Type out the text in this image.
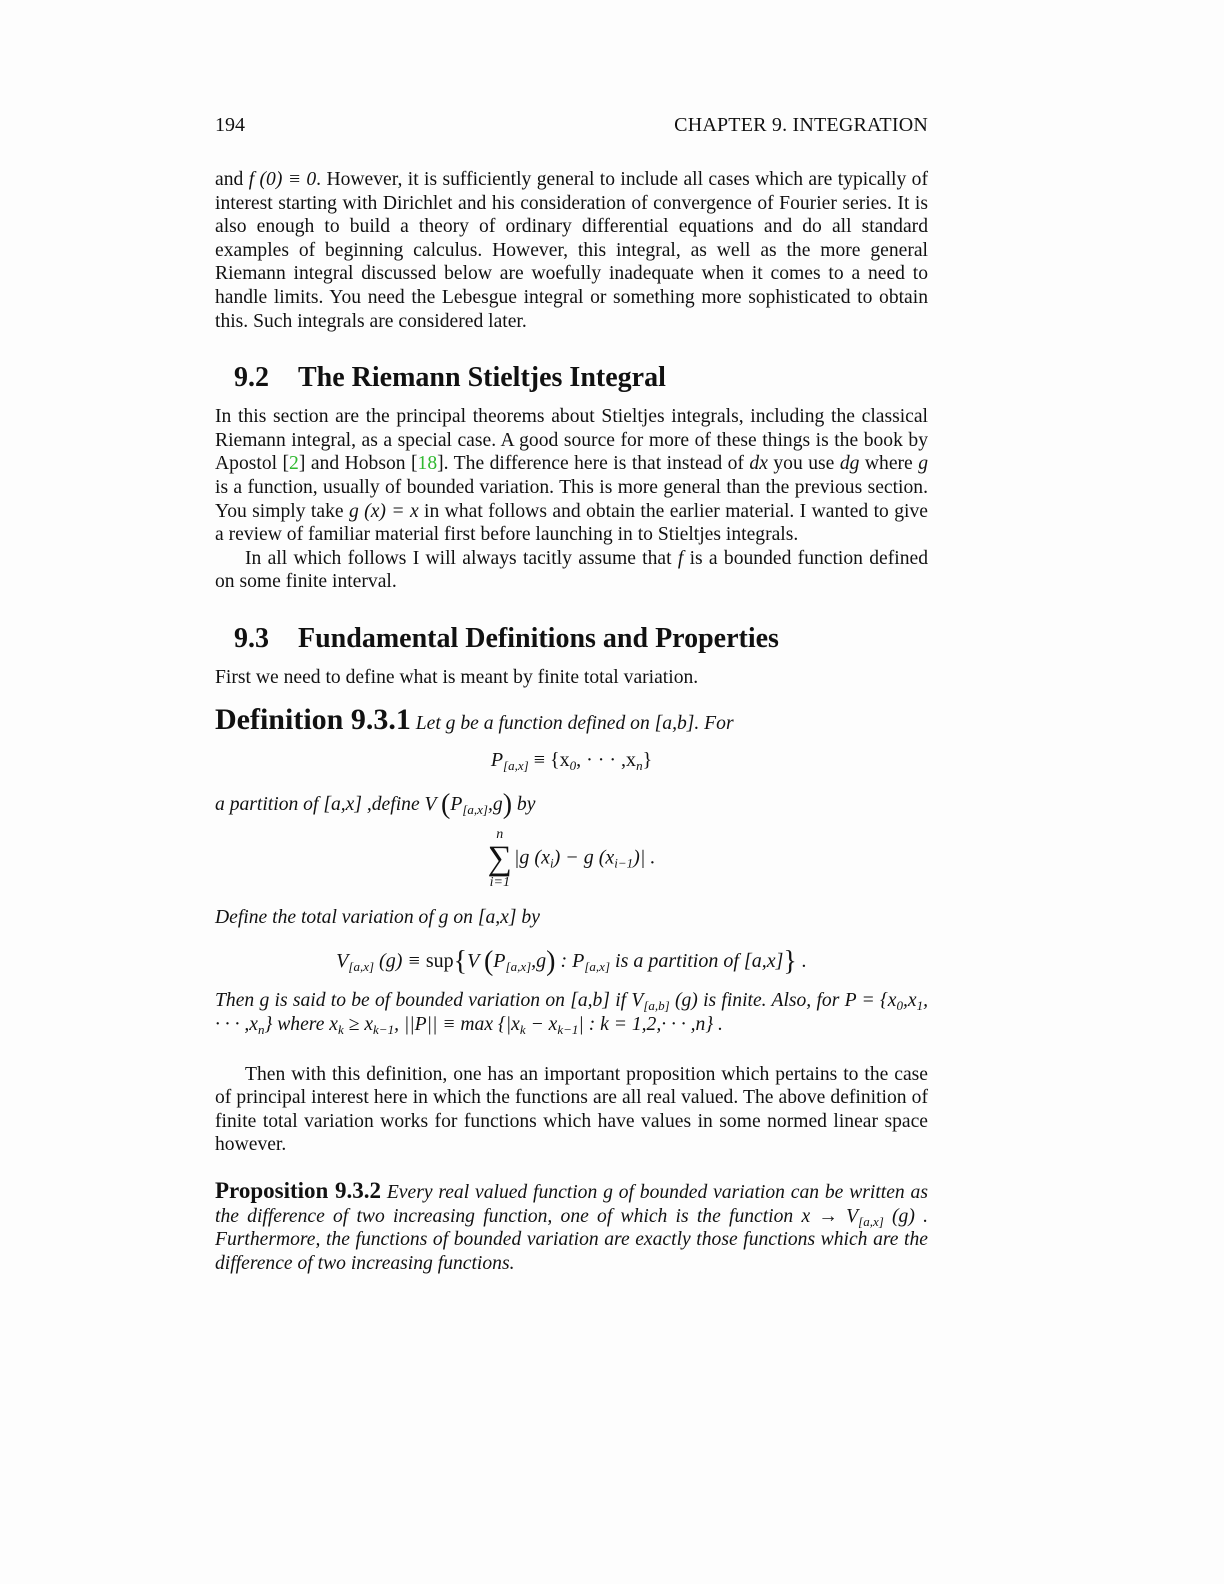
194	CHAPTER 9. INTEGRATION

and f (0) ≡ 0. However, it is sufficiently general to include all cases which are typically of interest starting with Dirichlet and his consideration of convergence of Fourier series. It is also enough to build a theory of ordinary differential equations and do all standard examples of beginning calculus. However, this integral, as well as the more general Riemann integral discussed below are woefully inadequate when it comes to a need to handle limits. You need the Lebesgue integral or something more sophisticated to obtain this. Such integrals are considered later.

9.2 The Riemann Stieltjes Integral

In this section are the principal theorems about Stieltjes integrals, including the classical Riemann integral, as a special case. A good source for more of these things is the book by Apostol [2] and Hobson [18]. The difference here is that instead of dx you use dg where g is a function, usually of bounded variation. This is more general than the previous section. You simply take g (x) = x in what follows and obtain the earlier material. I wanted to give a review of familiar material first before launching in to Stieltjes integrals.

In all which follows I will always tacitly assume that f is a bounded function defined on some finite interval.

9.3 Fundamental Definitions and Properties

First we need to define what is meant by finite total variation.

Definition 9.3.1 Let g be a function defined on [a,b]. For

$P_{[a,x]} \equiv \{x_0$, · · · $,x_n$}

a partition of [a,x] ,define V $(P_{[a,x]},g)$ by

n
∑
i=1
|g $(x_i) - g$ $(x_{i-1})|$ .

Define the total variation of g on [a,x] by

$V_{[a,x]}$ (g) ≡ sup{V $(P_{[a,x]},g)$ : $P_{[a,x]}$ is a partition of [a,x]} .

Then g is said to be of bounded variation on [a,b] if $V_{[a,b]}$ (g) is finite. Also, for $P = \{x_0,x_1$, · · · $,x_n$} where $x_k \ge x_{k-1}$, $||P|| \equiv \max \{|x_k - x_{k-1}|$ : k = 1,2,· · · ,n} .

Then with this definition, one has an important proposition which pertains to the case of principal interest here in which the functions are all real valued. The above definition of finite total variation works for functions which have values in some normed linear space however.

Proposition 9.3.2 Every real valued function g of bounded variation can be written as the difference of two increasing function, one of which is the function $x \to V_{[a,x]}$ (g) . Furthermore, the functions of bounded variation are exactly those functions which are the difference of two increasing functions.
